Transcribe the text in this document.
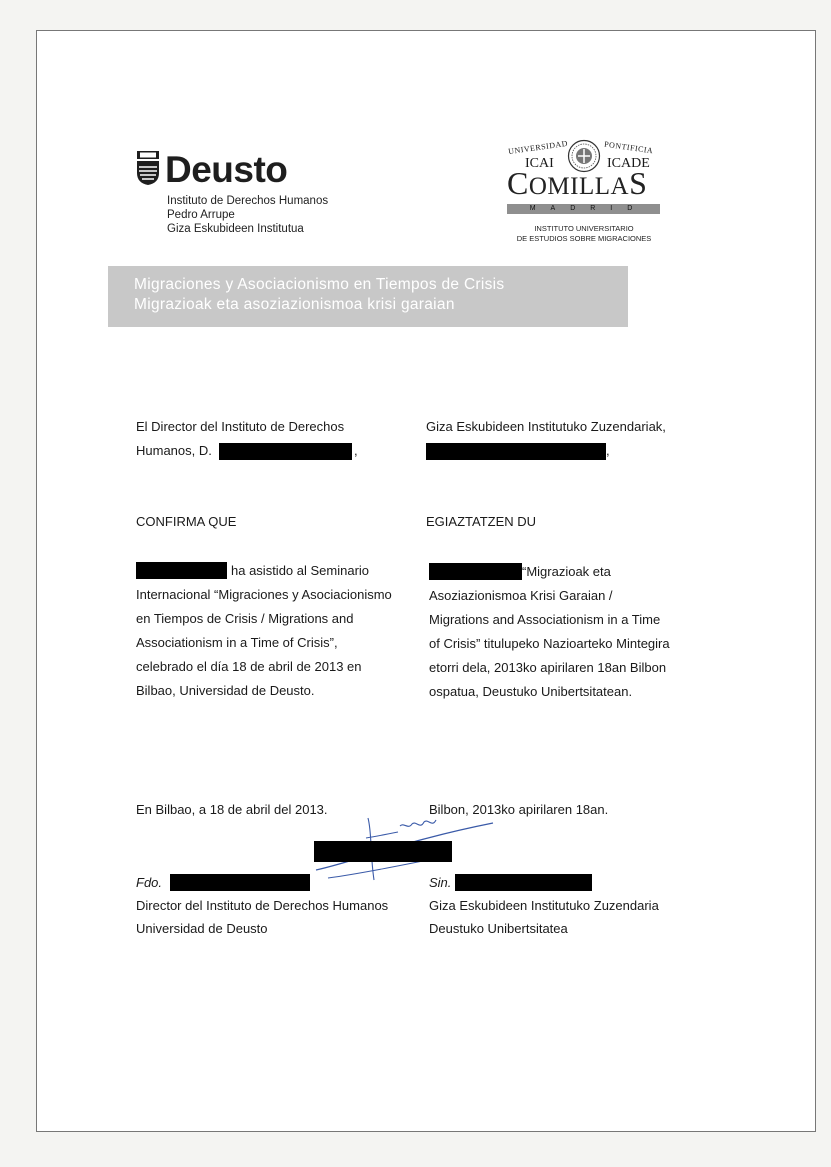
Deusto
Instituto de Derechos Humanos
Pedro Arrupe
Giza Eskubideen Institutua
UNIVERSIDAD	PONTIFICIA
ICAI	ICADE
COMILLAS
MADRID
INSTITUTO UNIVERSITARIO
DE ESTUDIOS SOBRE MIGRACIONES
Migraciones y Asociacionismo en Tiempos de Crisis
Migrazioak eta asoziazionismoa krisi garaian
El Director del Instituto de Derechos
Humanos, D.	,
CONFIRMA QUE
ha asistido al Seminario
Internacional “Migraciones y Asociacionismo
en Tiempos de Crisis / Migrations and
Associationism in a Time of Crisis”,
celebrado el día 18 de abril de 2013 en
Bilbao, Universidad de Deusto.
En Bilbao, a 18 de abril del 2013.
Fdo.
Director del Instituto de Derechos Humanos
Universidad de Deusto
Giza Eskubideen Institutuko Zuzendariak,
,
EGIAZTATZEN DU
“Migrazioak eta
Asoziazionismoa Krisi Garaian /
Migrations and Associationism in a Time
of Crisis” titulupeko Nazioarteko Mintegira
etorri dela, 2013ko apirilaren 18an Bilbon
ospatua, Deustuko Unibertsitatean.
Bilbon, 2013ko apirilaren 18an.
Sin.
Giza Eskubideen Institutuko Zuzendaria
Deustuko Unibertsitatea
